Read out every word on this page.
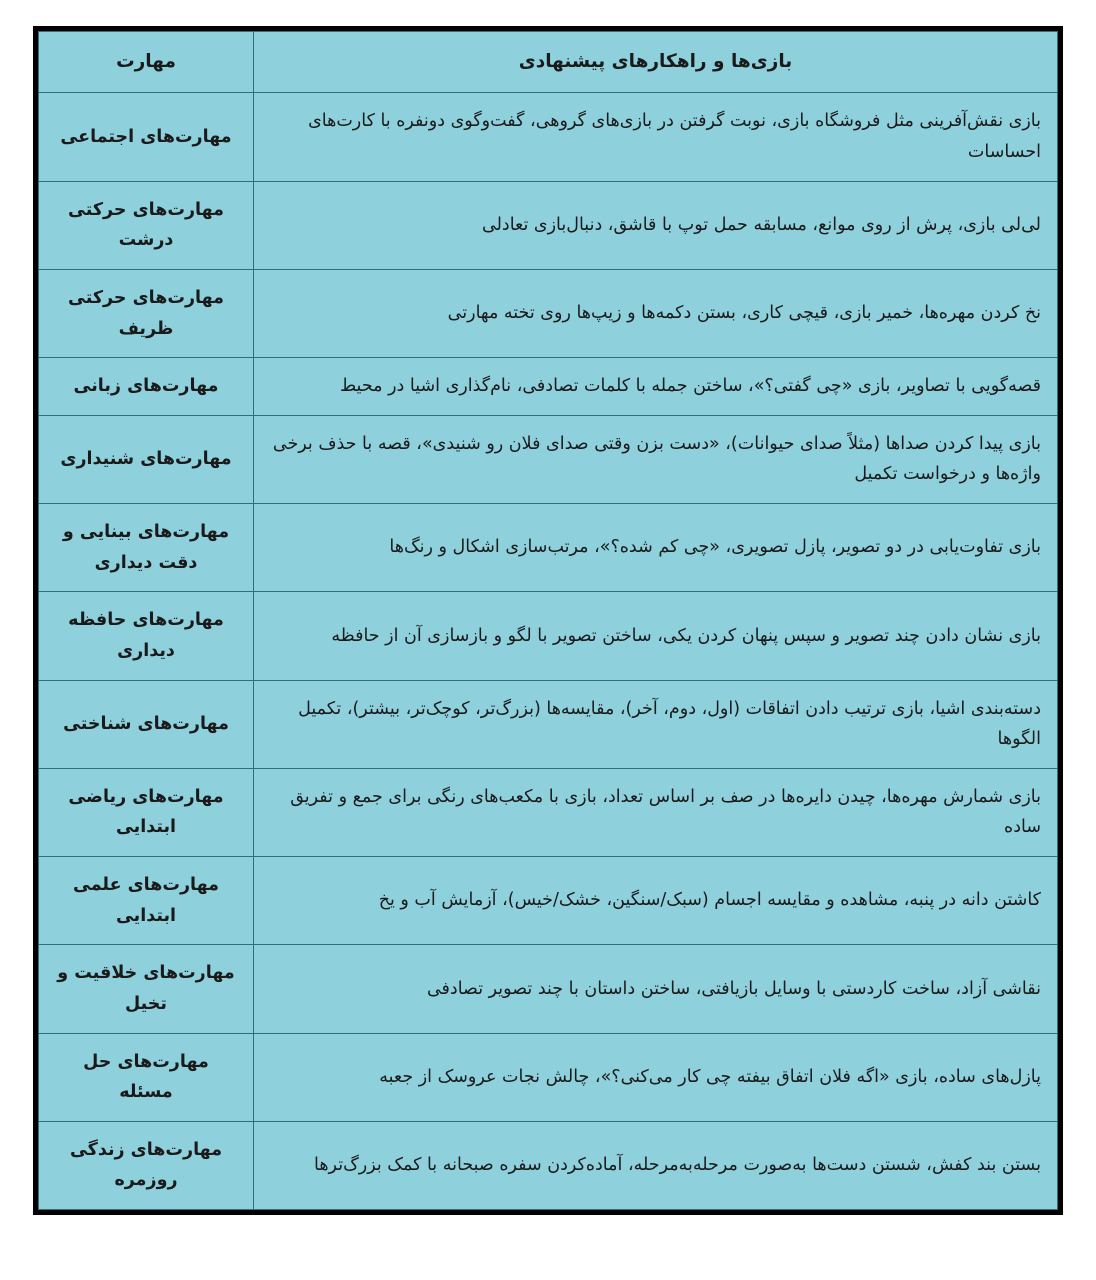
بازی‌ها و راهکارهای پیشنهادی	مهارت
بازی نقش‌آفرینی مثل فروشگاه بازی، نوبت گرفتن در بازی‌های گروهی، گفت‌وگوی دونفره با کارت‌های احساسات	مهارت‌های اجتماعی
لی‌لی بازی، پرش از روی موانع، مسابقه حمل توپ با قاشق، دنبال‌بازی تعادلی	مهارت‌های حرکتی درشت
نخ کردن مهره‌ها، خمیر بازی، قیچی کاری، بستن دکمه‌ها و زیپ‌ها روی تخته مهارتی	مهارت‌های حرکتی ظریف
قصه‌گویی با تصاویر، بازی «چی گفتی؟»، ساختن جمله با کلمات تصادفی، نام‌گذاری اشیا در محیط	مهارت‌های زبانی
بازی پیدا کردن صداها (مثلاً صدای حیوانات)، «دست بزن وقتی صدای فلان رو شنیدی»، قصه با حذف برخی واژه‌ها و درخواست تکمیل	مهارت‌های شنیداری
بازی تفاوت‌یابی در دو تصویر، پازل تصویری، «چی کم شده؟»، مرتب‌سازی اشکال و رنگ‌ها	مهارت‌های بینایی و دقت دیداری
بازی نشان دادن چند تصویر و سپس پنهان کردن یکی، ساختن تصویر با لگو و بازسازی آن از حافظه	مهارت‌های حافظه دیداری
دسته‌بندی اشیا، بازی ترتیب دادن اتفاقات (اول، دوم، آخر)، مقایسه‌ها (بزرگ‌تر، کوچک‌تر، بیشتر)، تکمیل الگوها	مهارت‌های شناختی
بازی شمارش مهره‌ها، چیدن دایره‌ها در صف بر اساس تعداد، بازی با مکعب‌های رنگی برای جمع و تفریق ساده	مهارت‌های ریاضی ابتدایی
کاشتن دانه در پنبه، مشاهده و مقایسه اجسام (سبک/سنگین، خشک/خیس)، آزمایش آب و یخ	مهارت‌های علمی ابتدایی
نقاشی آزاد، ساخت کاردستی با وسایل بازیافتی، ساختن داستان با چند تصویر تصادفی	مهارت‌های خلاقیت و تخیل
پازل‌های ساده، بازی «اگه فلان اتفاق بیفته چی کار می‌کنی؟»، چالش نجات عروسک از جعبه	مهارت‌های حل مسئله
بستن بند کفش، شستن دست‌ها به‌صورت مرحله‌به‌مرحله، آماده‌کردن سفره صبحانه با کمک بزرگ‌ترها	مهارت‌های زندگی روزمره
